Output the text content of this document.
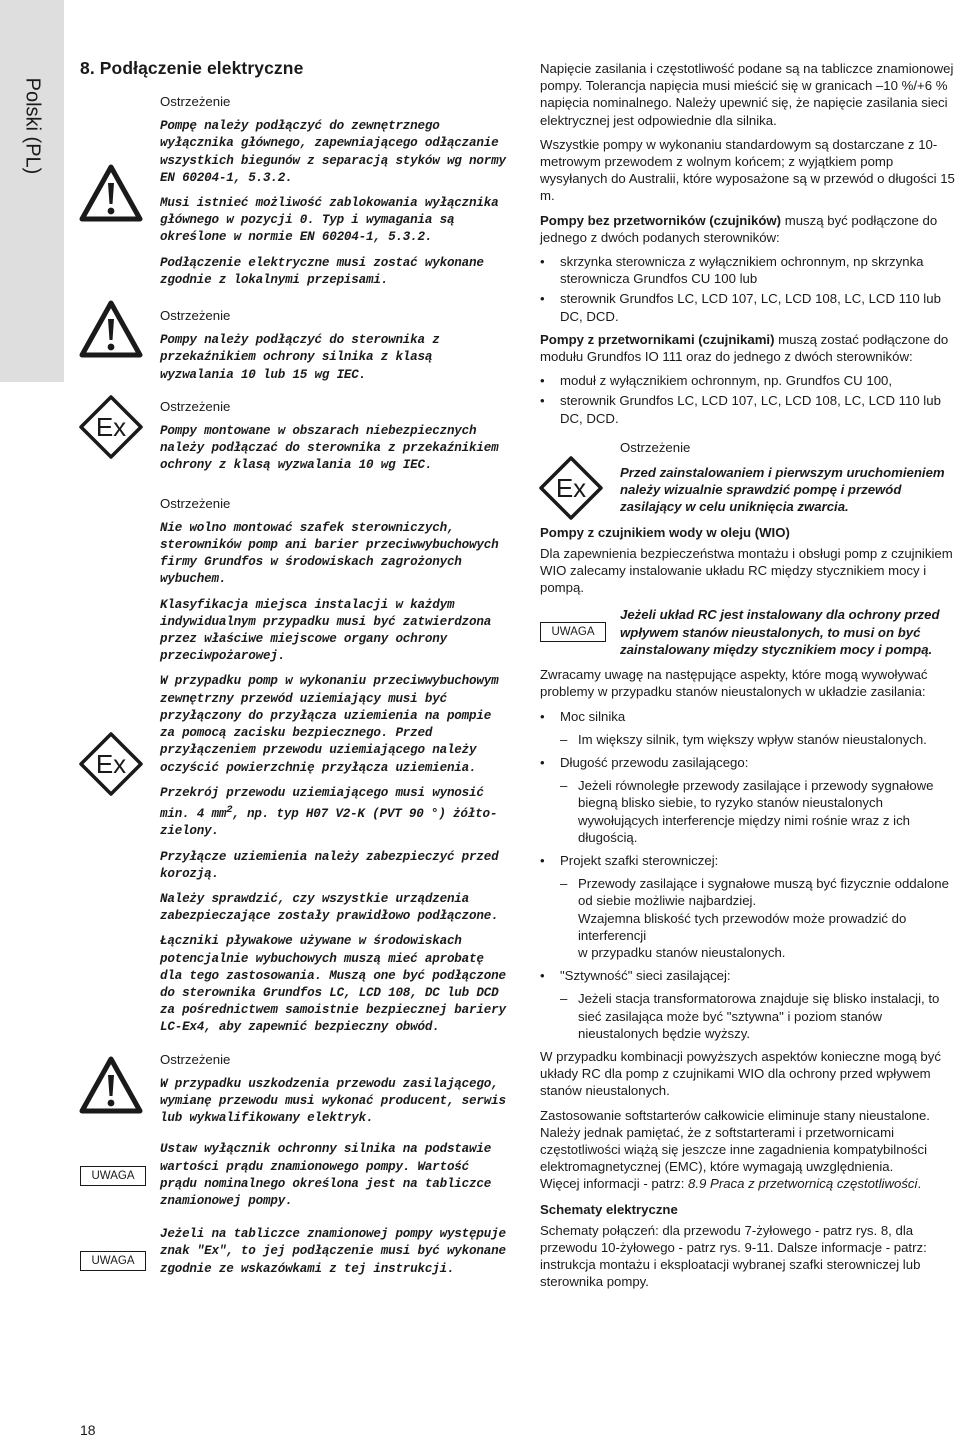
Polski (PL)
8. Podłączenie elektryczne
Ostrzeżenie

Pompę należy podłączyć do zewnętrznego wyłącznika głównego, zapewniającego odłączanie wszystkich biegunów z separacją styków wg normy EN 60204-1, 5.3.2.

Musi istnieć możliwość zablokowania wyłącznika głównego w pozycji 0. Typ i wymagania są określone w normie EN 60204-1, 5.3.2.

Podłączenie elektryczne musi zostać wykonane zgodnie z lokalnymi przepisami.

Ostrzeżenie

Pompy należy podłączyć do sterownika z przekaźnikiem ochrony silnika z klasą wyzwalania 10 lub 15 wg IEC.

Ex
Ostrzeżenie

Pompy montowane w obszarach niebezpiecznych należy podłączać do sterownika z przekaźnikiem ochrony z klasą wyzwalania 10 wg IEC.

Ex
Ostrzeżenie

Nie wolno montować szafek sterowniczych, sterowników pomp ani barier przeciwwybuchowych firmy Grundfos w środowiskach zagrożonych wybuchem.

Klasyfikacja miejsca instalacji w każdym indywidualnym przypadku musi być zatwierdzona przez właściwe miejscowe organy ochrony przeciwpożarowej.

W przypadku pomp w wykonaniu przeciwwybuchowym zewnętrzny przewód uziemiający musi być przyłączony do przyłącza uziemienia na pompie za pomocą zacisku bezpiecznego. Przed przyłączeniem przewodu uziemiającego należy oczyścić powierzchnię przyłącza uziemienia.

Przekrój przewodu uziemiającego musi wynosić min. 4 $mm^2$, np. typ H07 V2-K (PVT 90 °) żółto-zielony.

Przyłącze uziemienia należy zabezpieczyć przed korozją.

Należy sprawdzić, czy wszystkie urządzenia zabezpieczające zostały prawidłowo podłączone.

Łączniki pływakowe używane w środowiskach potencjalnie wybuchowych muszą mieć aprobatę dla tego zastosowania. Muszą one być podłączone do sterownika Grundfos LC, LCD 108, DC lub DCD za pośrednictwem samoistnie bezpiecznej bariery LC-Ex4, aby zapewnić bezpieczny obwód.

Ostrzeżenie

W przypadku uszkodzenia przewodu zasilającego, wymianę przewodu musi wykonać producent, serwis lub wykwalifikowany elektryk.

UWAGA

Ustaw wyłącznik ochronny silnika na podstawie wartości prądu znamionowego pompy. Wartość prądu nominalnego określona jest na tabliczce znamionowej pompy.

UWAGA

Jeżeli na tabliczce znamionowej pompy występuje znak "Ex", to jej podłączenie musi być wykonane zgodnie ze wskazówkami z tej instrukcji.

Napięcie zasilania i częstotliwość podane są na tabliczce znamionowej pompy. Tolerancja napięcia musi mieścić się w granicach –10 %/+6 % napięcia nominalnego. Należy upewnić się, że napięcie zasilania sieci elektrycznej jest odpowiednie dla silnika.

Wszystkie pompy w wykonaniu standardowym są dostarczane z 10-metrowym przewodem z wolnym końcem; z wyjątkiem pomp wysyłanych do Australii, które wyposażone są w przewód o długości 15 m.

Pompy bez przetworników (czujników) muszą być podłączone do jednego z dwóch podanych sterowników:

• skrzynka sterownicza z wyłącznikiem ochronnym, np skrzynka sterownicza Grundfos CU 100 lub
• sterownik Grundfos LC, LCD 107, LC, LCD 108, LC, LCD 110 lub DC, DCD.

Pompy z przetwornikami (czujnikami) muszą zostać podłączone do modułu Grundfos IO 111 oraz do jednego z dwóch sterowników:

• moduł z wyłącznikiem ochronnym, np. Grundfos CU 100,
• sterownik Grundfos LC, LCD 107, LC, LCD 108, LC, LCD 110 lub DC, DCD.
Ex
Ostrzeżenie

Przed zainstalowaniem i pierwszym uruchomieniem należy wizualnie sprawdzić pompę i przewód zasilający w celu uniknięcia zwarcia.

Pompy z czujnikiem wody w oleju (WIO)

Dla zapewnienia bezpieczeństwa montażu i obsługi pomp z czujnikiem WIO zalecamy instalowanie układu RC między stycznikiem mocy i pompą.

UWAGA

Jeżeli układ RC jest instalowany dla ochrony przed wpływem stanów nieustalonych, to musi on być zainstalowany między stycznikiem mocy i pompą.

Zwracamy uwagę na następujące aspekty, które mogą wywoływać problemy w przypadku stanów nieustalonych w układzie zasilania:

• Moc silnika
– Im większy silnik, tym większy wpływ stanów nieustalonych.
• Długość przewodu zasilającego:
– Jeżeli równoległe przewody zasilające i przewody sygnałowe biegną blisko siebie, to ryzyko stanów nieustalonych wywołujących interferencje między nimi rośnie wraz z ich długością.
• Projekt szafki sterowniczej:
– Przewody zasilające i sygnałowe muszą być fizycznie oddalone od siebie możliwie najbardziej.
Wzajemna bliskość tych przewodów może prowadzić do interferencji
w przypadku stanów nieustalonych.
• "Sztywność" sieci zasilającej:
– Jeżeli stacja transformatorowa znajduje się blisko instalacji, to sieć zasilająca może być "sztywna" i poziom stanów nieustalonych będzie wyższy.

W przypadku kombinacji powyższych aspektów konieczne mogą być układy RC dla pomp z czujnikami WIO dla ochrony przed wpływem stanów nieustalonych.

Zastosowanie softstarterów całkowicie eliminuje stany nieustalone. Należy jednak pamiętać, że z softstarterami i przetwornicami częstotliwości wiążą się jeszcze inne zagadnienia kompatybilności elektromagnetycznej (EMC), które wymagają uwzględnienia.

Więcej informacji - patrz: 8.9 Praca z przetwornicą częstotliwości.

Schematy elektryczne

Schematy połączeń: dla przewodu 7-żyłowego - patrz rys. 8, dla przewodu 10-żyłowego - patrz rys. 9-11. Dalsze informacje - patrz: instrukcja montażu i eksploatacji wybranej szafki sterowniczej lub sterownika pompy.

18
